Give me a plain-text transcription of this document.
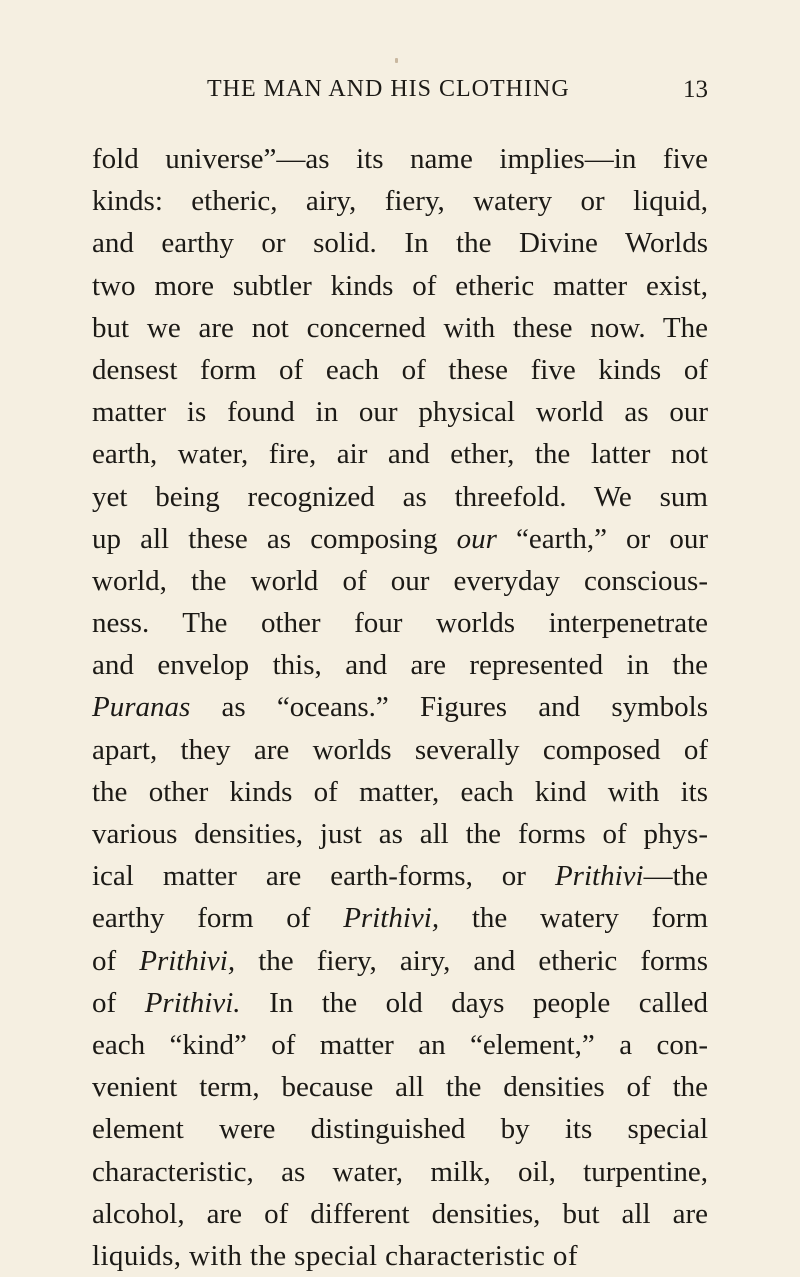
THE MAN AND HIS CLOTHING	13
fold universe”—as its name implies—in five
kinds: etheric, airy, fiery, watery or liquid,
and earthy or solid. In the Divine Worlds
two more subtler kinds of etheric matter exist,
but we are not concerned with these now. The
densest form of each of these five kinds of
matter is found in our physical world as our
earth, water, fire, air and ether, the latter not
yet being recognized as threefold. We sum
up all these as composing our “earth,” or our
world, the world of our everyday conscious-
ness. The other four worlds interpenetrate
and envelop this, and are represented in the
Puranas as “oceans.” Figures and symbols
apart, they are worlds severally composed of
the other kinds of matter, each kind with its
various densities, just as all the forms of phys-
ical matter are earth-forms, or Prithivi—the
earthy form of Prithivi, the watery form
of Prithivi, the fiery, airy, and etheric forms
of Prithivi. In the old days people called
each “kind” of matter an “element,” a con-
venient term, because all the densities of the
element were distinguished by its special
characteristic, as water, milk, oil, turpentine,
alcohol, are of different densities, but all are
liquids, with the special characteristic of
